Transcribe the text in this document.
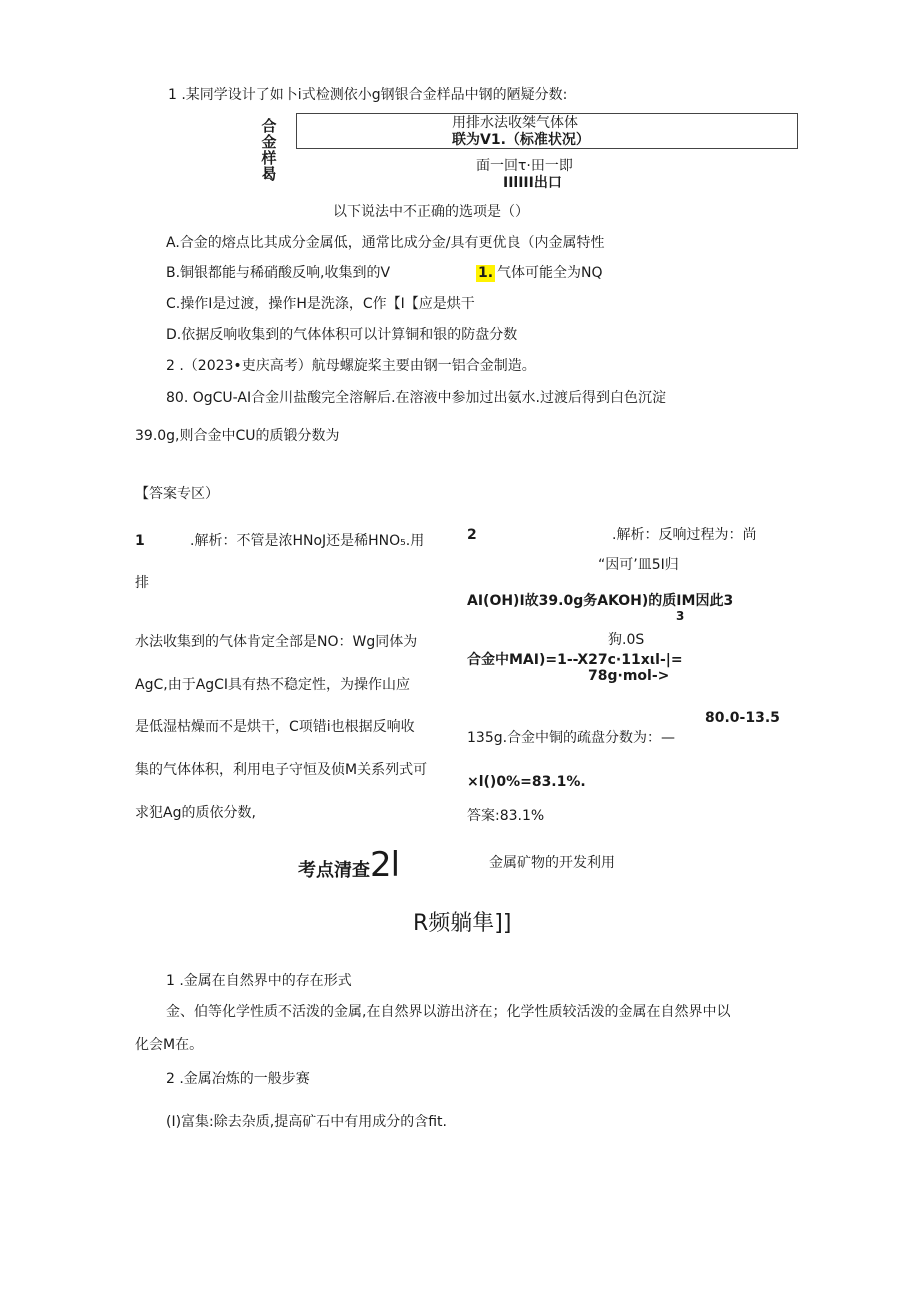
1 .某同学设计了如卜i式检测依小g钢银合金样品中钢的陋疑分数:
合金样曷
用排水法收桀气体体
联为V1.（标准状况）
面一回τ·田一即
IIlIII出口
以下说法中不正确的选项是（）
A.合金的熔点比其成分金属低，通常比成分金/具有更优良（内金属特性
B.铜银都能与稀硝酸反响,收集到的V	1. 气体可能全为NQ
C.操作I是过渡，操作H是洗涤，C作【I【应是烘干
D.依据反响收集到的气体体积可以计算铜和银的防盘分数
2 .（2023•吏庆高考）航母螺旋桨主要由钢一铝合金制造。
80. OgCU-AI合金川盐酸完全溶解后.在溶液中参加过出氨水.过渡后得到白色沉淀
39.0g,则合金中CU的质锻分数为
【答案专区）
1	.解析：不管是浓HNoJ还是稀HNO₅.用
排
水法收集到的气体肯定全部是NO：Wg同体为
AgC,由于AgCI具有热不稳定性，为操作山应
是低湿枯燥而不是烘干，C项错i也根据反响收
集的气体体积，利用电子守恒及侦M关系列式可
求犯Ag的质依分数,
2	.解析：反响过程为：尚
“因可’皿5I归
AI(OH)I故39.0g务AKOH)的质IM因此3
3
狗.0S
合金中MAI)=1--X27c·11xιl-|=
78g·mol->
80.0-13.5
135g.合金中铜的疏盘分数为：—
×l()0%=83.1%.
答案:83.1%
考点清查2l	金属矿物的开发利用
R频躺隼]]
1 .金属在自然界中的存在形式
金、伯等化学性质不活泼的金属,在自然界以游出济在；化学性质较活泼的金属在自然界中以
化会M在。
2 .金属冶炼的一般步赛
(I)富集:除去杂质,提高矿石中有用成分的含fit.
